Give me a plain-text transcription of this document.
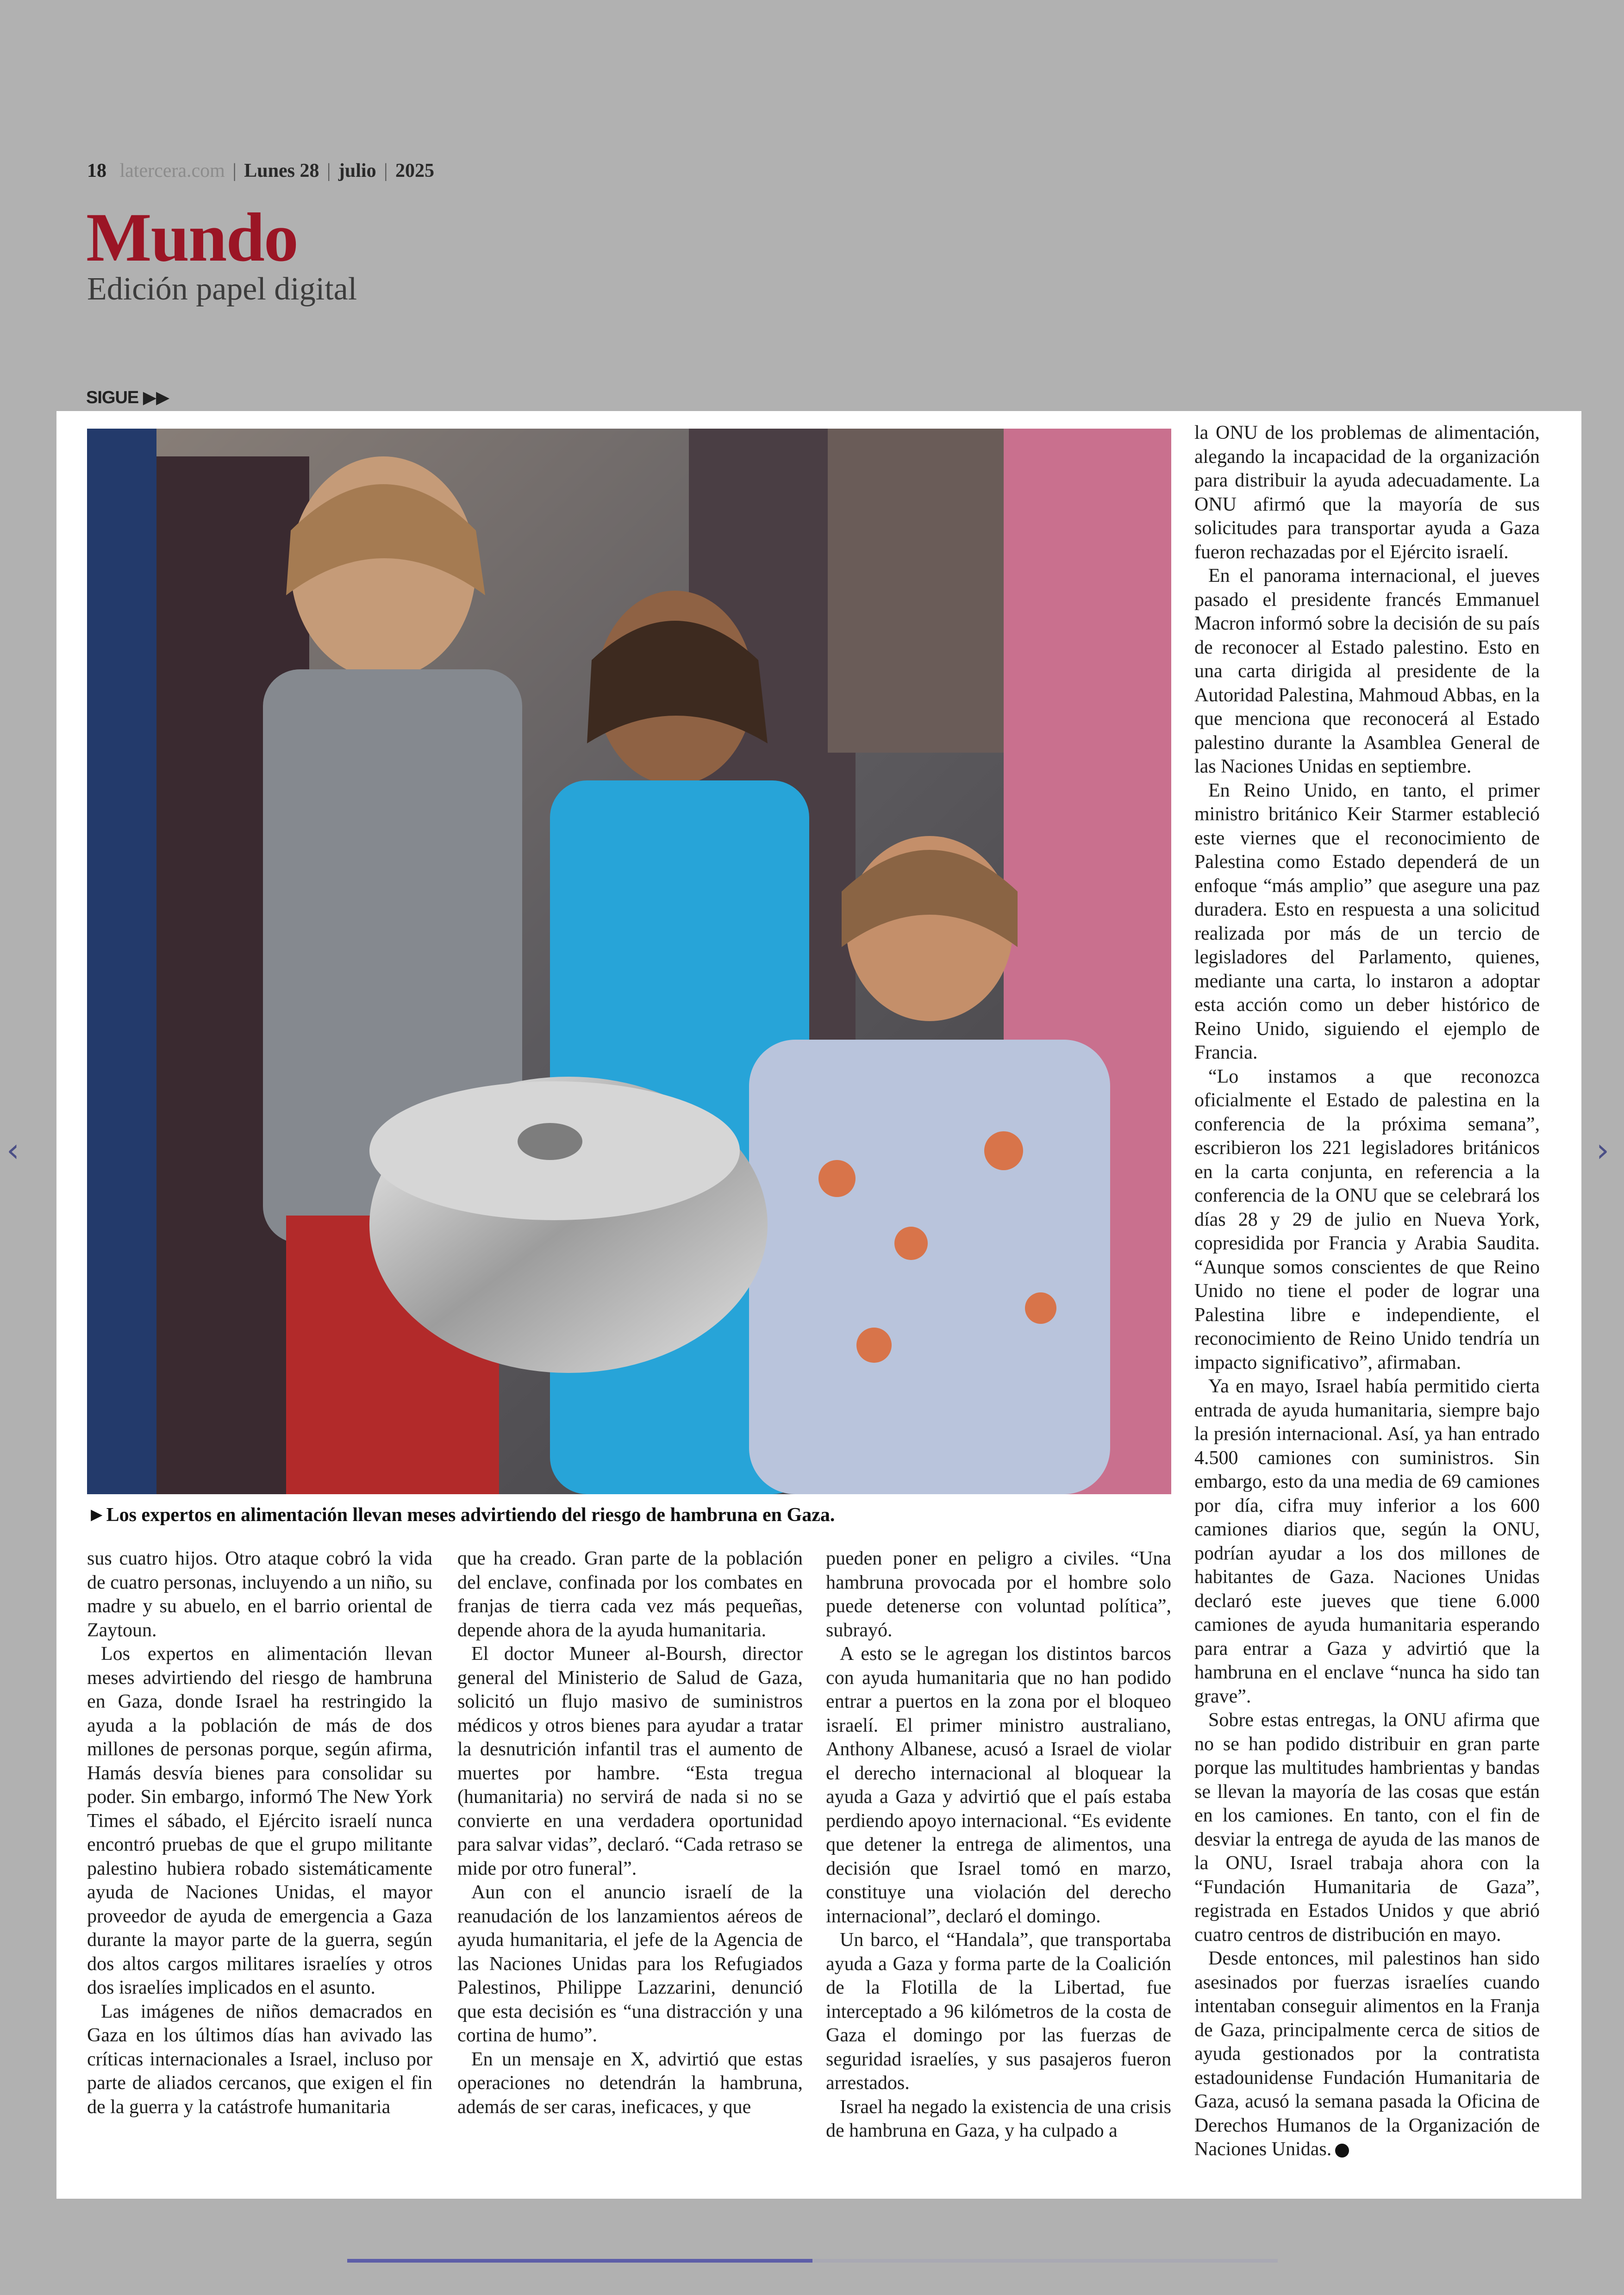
18 latercera.com | Lunes 28 | julio | 2025
Mundo
Edición papel digital
SIGUE ▶▶
‹	›
►Los expertos en alimentación llevan meses advirtiendo del riesgo de hambruna en Gaza.

sus cuatro hijos. Otro ataque cobró la vida de cuatro personas, incluyendo a un niño, su madre y su abuelo, en el barrio oriental de Zaytoun.

Los expertos en alimentación llevan meses advirtiendo del riesgo de hambruna en Gaza, donde Israel ha restringido la ayuda a la población de más de dos millones de personas porque, según afirma, Hamás desvía bienes para consolidar su poder. Sin embargo, informó The New York Times el sábado, el Ejército israelí nunca encontró pruebas de que el grupo militante palestino hubiera robado sistemáticamente ayuda de Naciones Unidas, el mayor proveedor de ayuda de emergencia a Gaza durante la mayor parte de la guerra, según dos altos cargos militares israelíes y otros dos israelíes implicados en el asunto.

Las imágenes de niños demacrados en Gaza en los últimos días han avivado las críticas internacionales a Israel, incluso por parte de aliados cercanos, que exigen el fin de la guerra y la catástrofe humanitaria

que ha creado. Gran parte de la población del enclave, confinada por los combates en franjas de tierra cada vez más pequeñas, depende ahora de la ayuda humanitaria.

El doctor Muneer al-Boursh, director general del Ministerio de Salud de Gaza, solicitó un flujo masivo de suministros médicos y otros bienes para ayudar a tratar la desnutrición infantil tras el aumento de muertes por hambre. “Esta tregua (humanitaria) no servirá de nada si no se convierte en una verdadera oportunidad para salvar vidas”, declaró. “Cada retraso se mide por otro funeral”.

Aun con el anuncio israelí de la reanudación de los lanzamientos aéreos de ayuda humanitaria, el jefe de la Agencia de las Naciones Unidas para los Refugiados Palestinos, Philippe Lazzarini, denunció que esta decisión es “una distracción y una cortina de humo”.

En un mensaje en X, advirtió que estas operaciones no detendrán la hambruna, además de ser caras, ineficaces, y que

pueden poner en peligro a civiles. “Una hambruna provocada por el hombre solo puede detenerse con voluntad política”, subrayó.

A esto se le agregan los distintos barcos con ayuda humanitaria que no han podido entrar a puertos en la zona por el bloqueo israelí. El primer ministro australiano, Anthony Albanese, acusó a Israel de violar el derecho internacional al bloquear la ayuda a Gaza y advirtió que el país estaba perdiendo apoyo internacional. “Es evidente que detener la entrega de alimentos, una decisión que Israel tomó en marzo, constituye una violación del derecho internacional”, declaró el domingo.

Un barco, el “Handala”, que transportaba ayuda a Gaza y forma parte de la Coalición de la Flotilla de la Libertad, fue interceptado a 96 kilómetros de la costa de Gaza el domingo por las fuerzas de seguridad israelíes, y sus pasajeros fueron arrestados.

Israel ha negado la existencia de una crisis de hambruna en Gaza, y ha culpado a

la ONU de los problemas de alimentación, alegando la incapacidad de la organización para distribuir la ayuda adecuadamente. La ONU afirmó que la mayoría de sus solicitudes para transportar ayuda a Gaza fueron rechazadas por el Ejército israelí.

En el panorama internacional, el jueves pasado el presidente francés Emmanuel Macron informó sobre la decisión de su país de reconocer al Estado palestino. Esto en una carta dirigida al presidente de la Autoridad Palestina, Mahmoud Abbas, en la que menciona que reconocerá al Estado palestino durante la Asamblea General de las Naciones Unidas en septiembre.

En Reino Unido, en tanto, el primer ministro británico Keir Starmer estableció este viernes que el reconocimiento de Palestina como Estado dependerá de un enfoque “más amplio” que asegure una paz duradera. Esto en respuesta a una solicitud realizada por más de un tercio de legisladores del Parlamento, quienes, mediante una carta, lo instaron a adoptar esta acción como un deber histórico de Reino Unido, siguiendo el ejemplo de Francia.

“Lo instamos a que reconozca oficialmente el Estado de palestina en la conferencia de la próxima semana”, escribieron los 221 legisladores británicos en la carta conjunta, en referencia a la conferencia de la ONU que se celebrará los días 28 y 29 de julio en Nueva York, copresidida por Francia y Arabia Saudita. “Aunque somos conscientes de que Reino Unido no tiene el poder de lograr una Palestina libre e independiente, el reconocimiento de Reino Unido tendría un impacto significativo”, afirmaban.

Ya en mayo, Israel había permitido cierta entrada de ayuda humanitaria, siempre bajo la presión internacional. Así, ya han entrado 4.500 camiones con suministros. Sin embargo, esto da una media de 69 camiones por día, cifra muy inferior a los 600 camiones diarios que, según la ONU, podrían ayudar a los dos millones de habitantes de Gaza. Naciones Unidas declaró este jueves que tiene 6.000 camiones de ayuda humanitaria esperando para entrar a Gaza y advirtió que la hambruna en el enclave “nunca ha sido tan grave”.

Sobre estas entregas, la ONU afirma que no se han podido distribuir en gran parte porque las multitudes hambrientas y bandas se llevan la mayoría de las cosas que están en los camiones. En tanto, con el fin de desviar la entrega de ayuda de las manos de la ONU, Israel trabaja ahora con la “Fundación Humanitaria de Gaza”, registrada en Estados Unidos y que abrió cuatro centros de distribución en mayo.

Desde entonces, mil palestinos han sido asesinados por fuerzas israelíes cuando intentaban conseguir alimentos en la Franja de Gaza, principalmente cerca de sitios de ayuda gestionados por la contratista estadounidense Fundación Humanitaria de Gaza, acusó la semana pasada la Oficina de Derechos Humanos de la Organización de Naciones Unidas.
